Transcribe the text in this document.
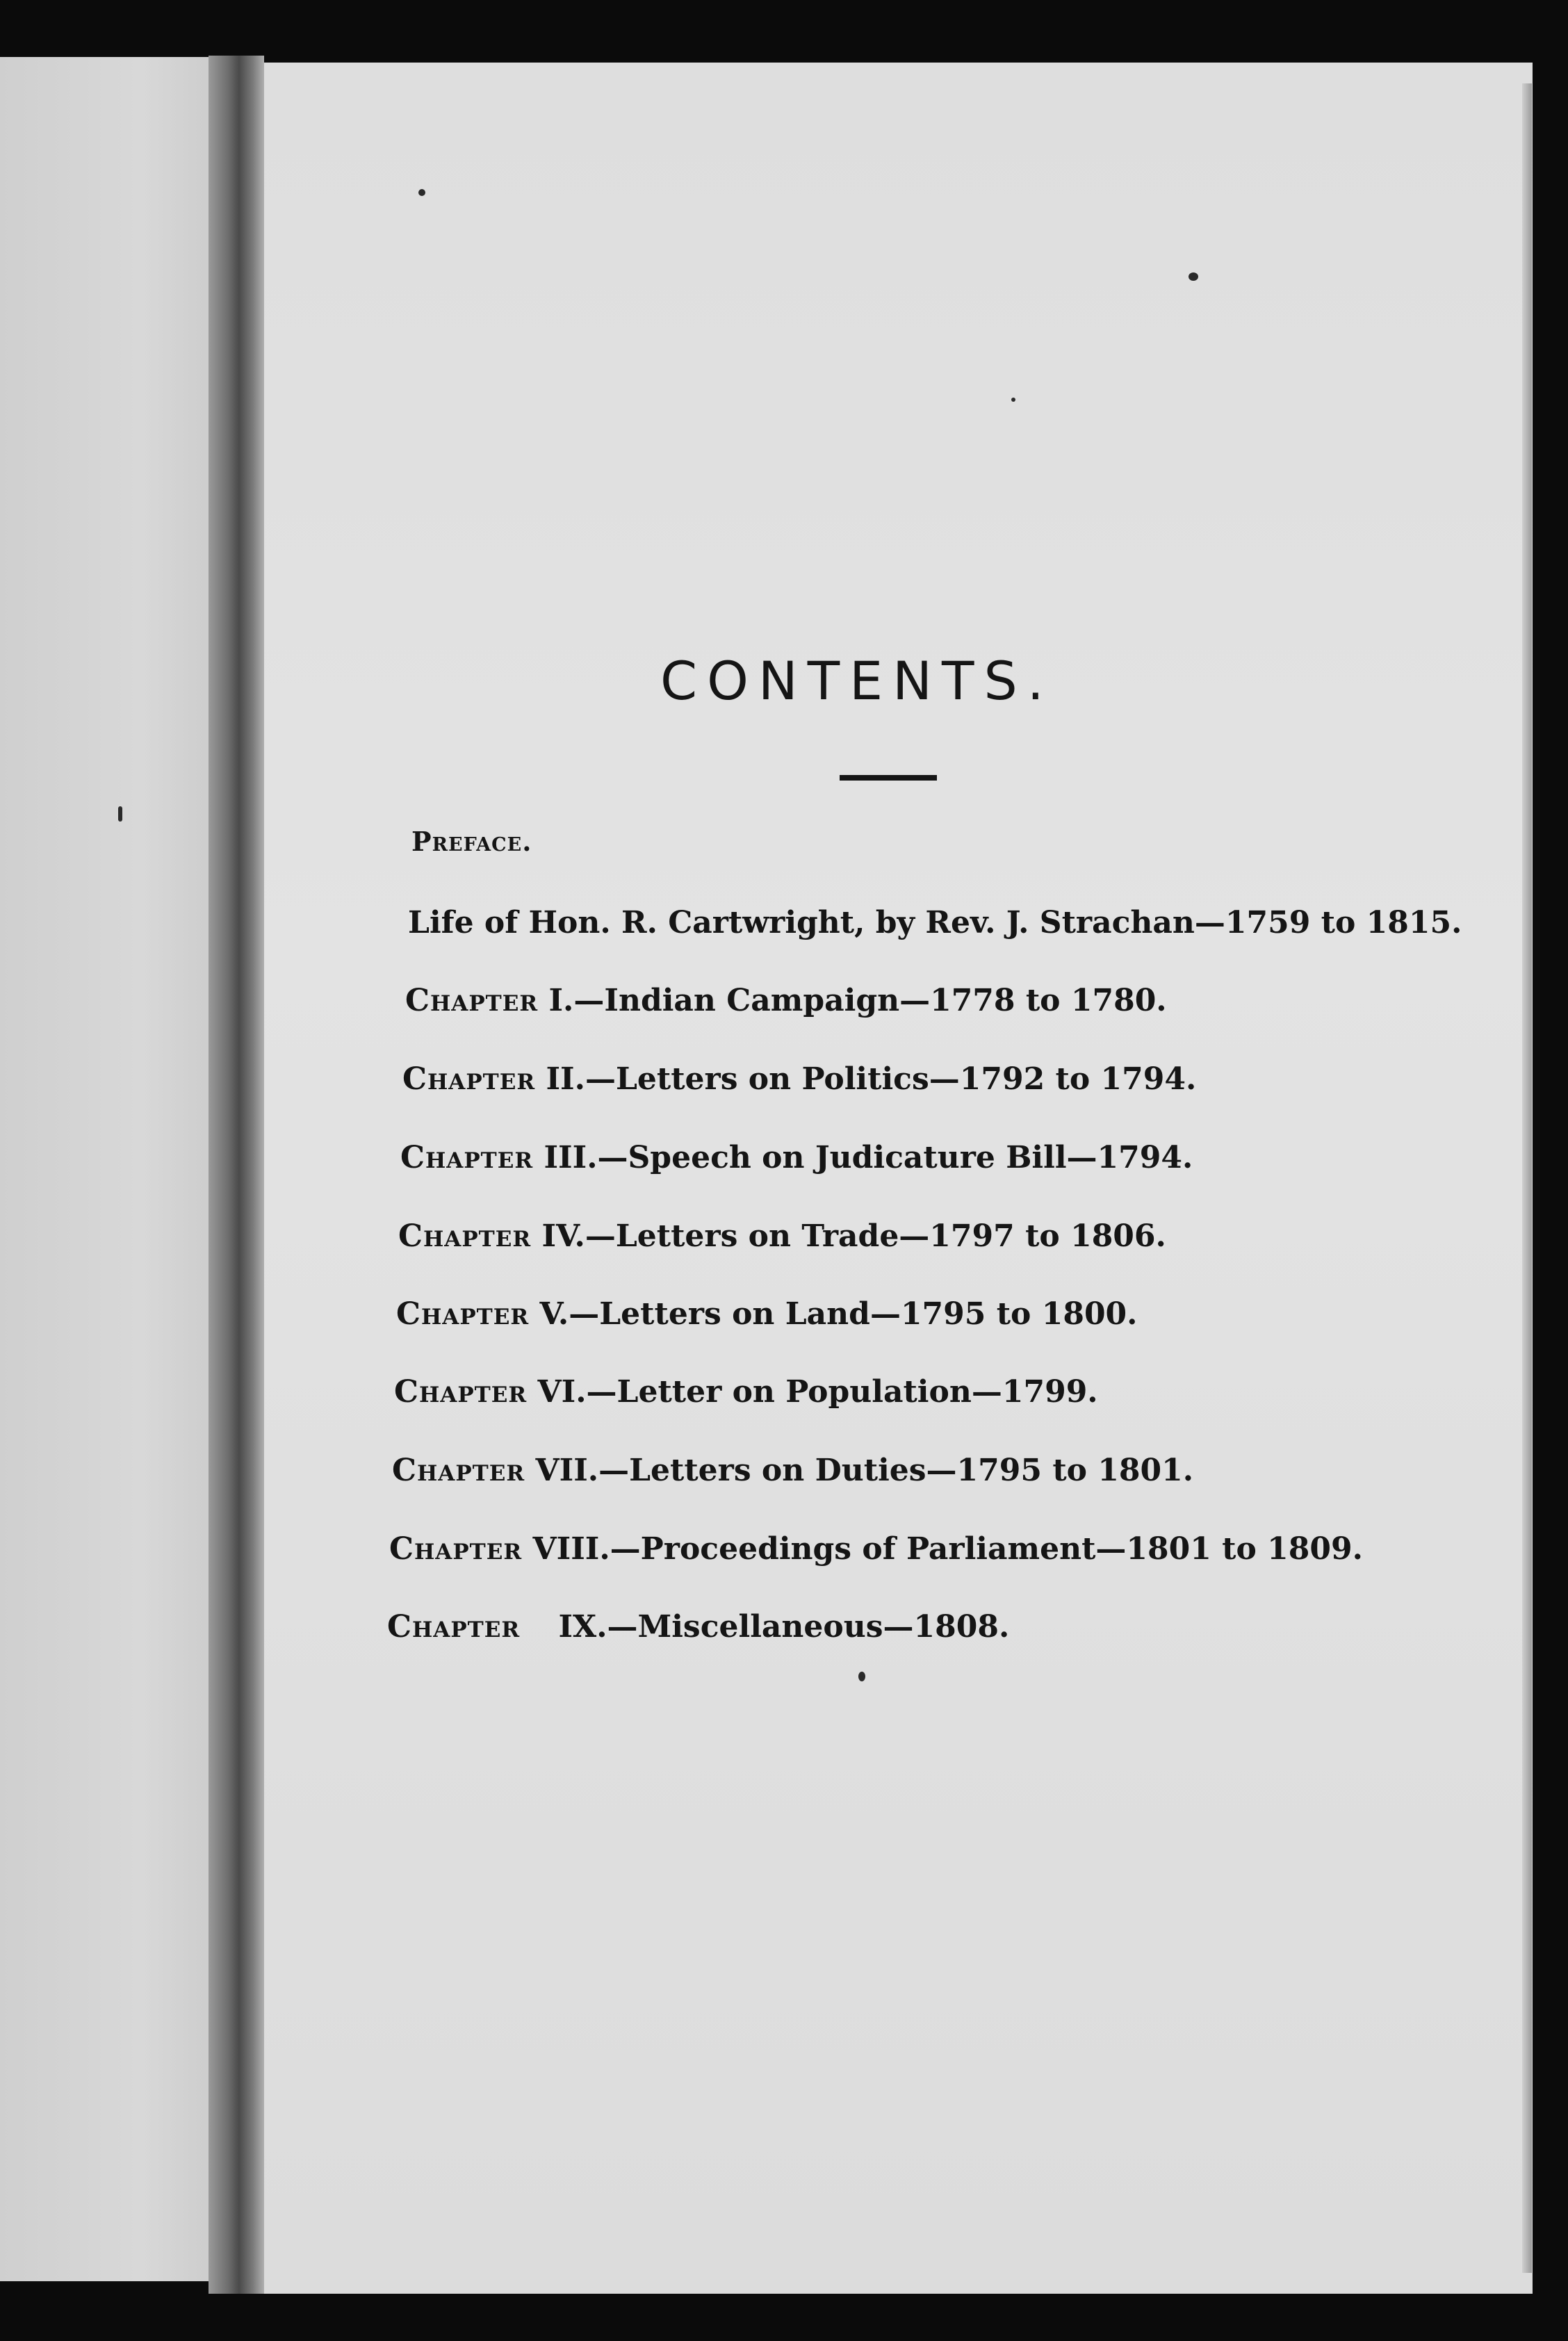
CONTENTS.
Preface.
Life of Hon. R. Cartwright, by Rev. J. Strachan—1759 to 1815.
Chapter I.—Indian Campaign—1778 to 1780.
Chapter II.—Letters on Politics—1792 to 1794.
Chapter III.—Speech on Judicature Bill—1794.
Chapter IV.—Letters on Trade—1797 to 1806.
Chapter V.—Letters on Land—1795 to 1800.
Chapter VI.—Letter on Population—1799.
Chapter VII.—Letters on Duties—1795 to 1801.
Chapter VIII.—Proceedings of Parliament—1801 to 1809.
Chapter IX.—Miscellaneous—1808.
